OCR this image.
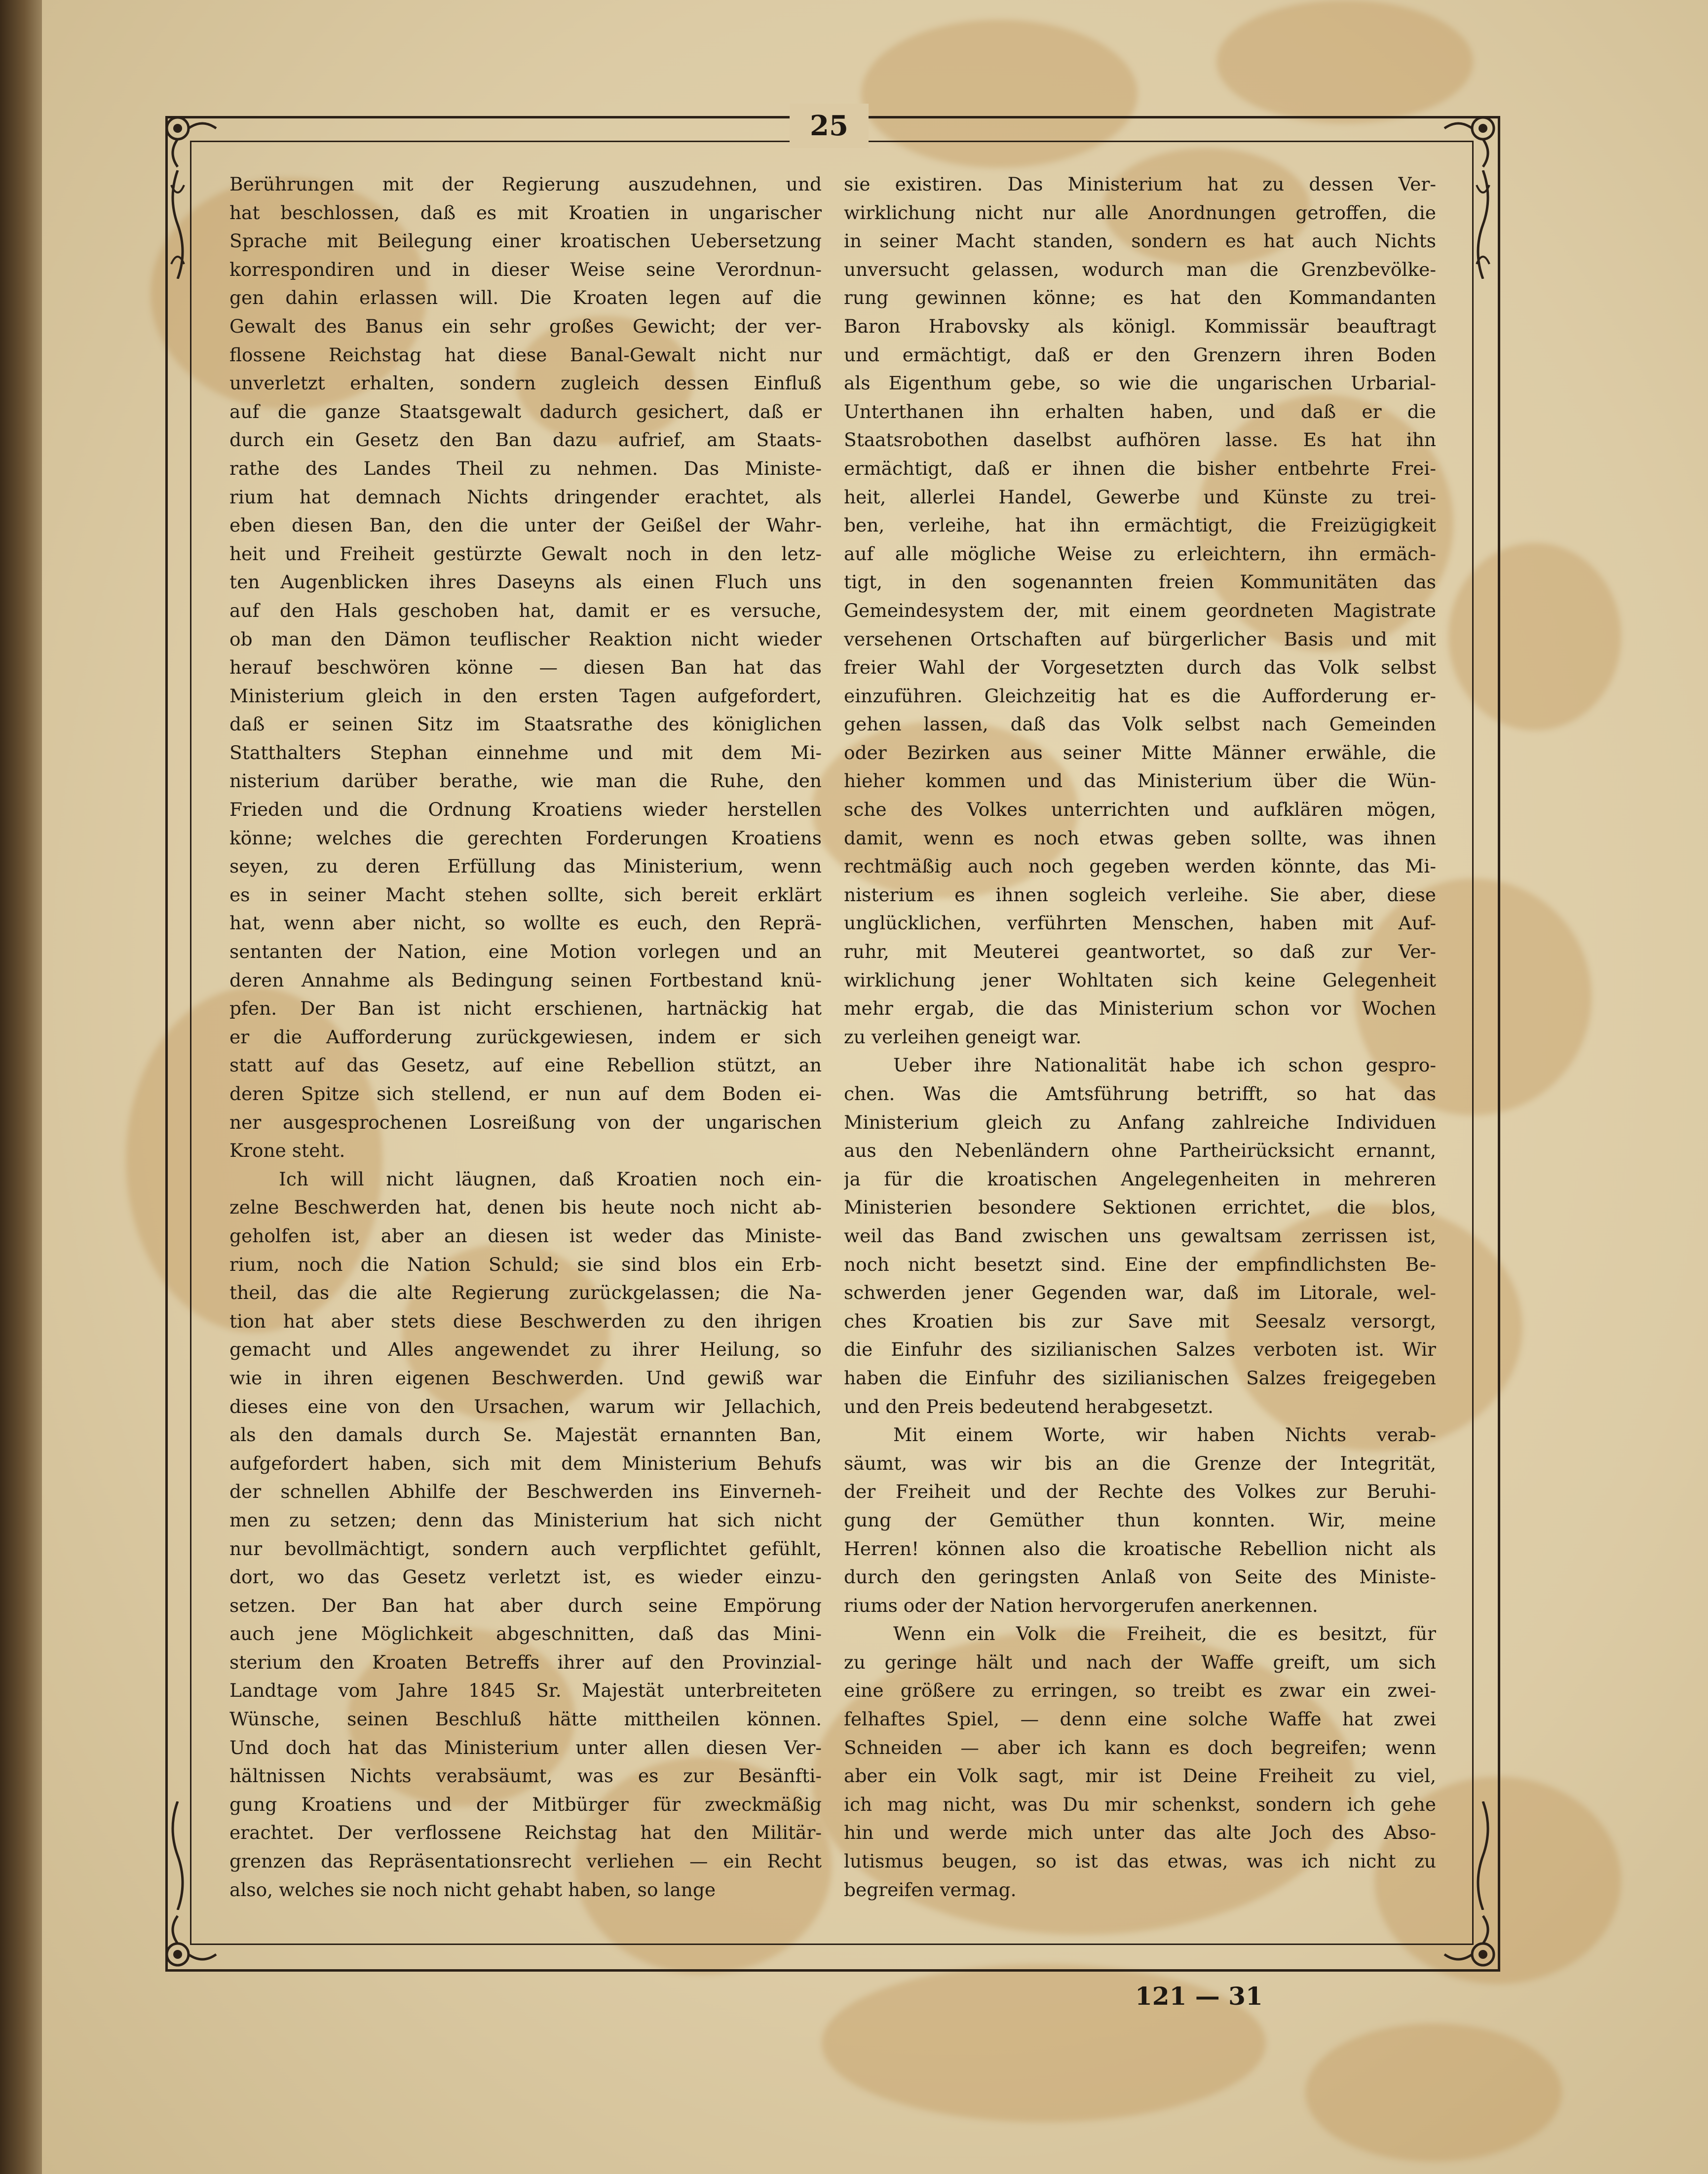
25
Berührungen mit der Regierung auszudehnen, und
hat beschlossen, daß es mit Kroatien in ungarischer
Sprache mit Beilegung einer kroatischen Uebersetzung
korrespondiren und in dieser Weise seine Verordnun-
gen dahin erlassen will. Die Kroaten legen auf die
Gewalt des Banus ein sehr großes Gewicht; der ver-
flossene Reichstag hat diese Banal-Gewalt nicht nur
unverletzt erhalten, sondern zugleich dessen Einfluß
auf die ganze Staatsgewalt dadurch gesichert, daß er
durch ein Gesetz den Ban dazu aufrief, am Staats-
rathe des Landes Theil zu nehmen. Das Ministe-
rium hat demnach Nichts dringender erachtet, als
eben diesen Ban, den die unter der Geißel der Wahr-
heit und Freiheit gestürzte Gewalt noch in den letz-
ten Augenblicken ihres Daseyns als einen Fluch uns
auf den Hals geschoben hat, damit er es versuche,
ob man den Dämon teuflischer Reaktion nicht wieder
herauf beschwören könne — diesen Ban hat das
Ministerium gleich in den ersten Tagen aufgefordert,
daß er seinen Sitz im Staatsrathe des königlichen
Statthalters Stephan einnehme und mit dem Mi-
nisterium darüber berathe, wie man die Ruhe, den
Frieden und die Ordnung Kroatiens wieder herstellen
könne; welches die gerechten Forderungen Kroatiens
seyen, zu deren Erfüllung das Ministerium, wenn
es in seiner Macht stehen sollte, sich bereit erklärt
hat, wenn aber nicht, so wollte es euch, den Reprä-
sentanten der Nation, eine Motion vorlegen und an
deren Annahme als Bedingung seinen Fortbestand knü-
pfen. Der Ban ist nicht erschienen, hartnäckig hat
er die Aufforderung zurückgewiesen, indem er sich
statt auf das Gesetz, auf eine Rebellion stützt, an
deren Spitze sich stellend, er nun auf dem Boden ei-
ner ausgesprochenen Losreißung von der ungarischen
Krone steht.
Ich will nicht läugnen, daß Kroatien noch ein-
zelne Beschwerden hat, denen bis heute noch nicht ab-
geholfen ist, aber an diesen ist weder das Ministe-
rium, noch die Nation Schuld; sie sind blos ein Erb-
theil, das die alte Regierung zurückgelassen; die Na-
tion hat aber stets diese Beschwerden zu den ihrigen
gemacht und Alles angewendet zu ihrer Heilung, so
wie in ihren eigenen Beschwerden. Und gewiß war
dieses eine von den Ursachen, warum wir Jellachich,
als den damals durch Se. Majestät ernannten Ban,
aufgefordert haben, sich mit dem Ministerium Behufs
der schnellen Abhilfe der Beschwerden ins Einverneh-
men zu setzen; denn das Ministerium hat sich nicht
nur bevollmächtigt, sondern auch verpflichtet gefühlt,
dort, wo das Gesetz verletzt ist, es wieder einzu-
setzen. Der Ban hat aber durch seine Empörung
auch jene Möglichkeit abgeschnitten, daß das Mini-
sterium den Kroaten Betreffs ihrer auf den Provinzial-
Landtage vom Jahre 1845 Sr. Majestät unterbreiteten
Wünsche, seinen Beschluß hätte mittheilen können.
Und doch hat das Ministerium unter allen diesen Ver-
hältnissen Nichts verabsäumt, was es zur Besänfti-
gung Kroatiens und der Mitbürger für zweckmäßig
erachtet. Der verflossene Reichstag hat den Militär-
grenzen das Repräsentationsrecht verliehen — ein Recht
also, welches sie noch nicht gehabt haben, so lange
sie existiren. Das Ministerium hat zu dessen Ver-
wirklichung nicht nur alle Anordnungen getroffen, die
in seiner Macht standen, sondern es hat auch Nichts
unversucht gelassen, wodurch man die Grenzbevölke-
rung gewinnen könne; es hat den Kommandanten
Baron Hrabovsky als königl. Kommissär beauftragt
und ermächtigt, daß er den Grenzern ihren Boden
als Eigenthum gebe, so wie die ungarischen Urbarial-
Unterthanen ihn erhalten haben, und daß er die
Staatsrobothen daselbst aufhören lasse. Es hat ihn
ermächtigt, daß er ihnen die bisher entbehrte Frei-
heit, allerlei Handel, Gewerbe und Künste zu trei-
ben, verleihe, hat ihn ermächtigt, die Freizügigkeit
auf alle mögliche Weise zu erleichtern, ihn ermäch-
tigt, in den sogenannten freien Kommunitäten das
Gemeindesystem der, mit einem geordneten Magistrate
versehenen Ortschaften auf bürgerlicher Basis und mit
freier Wahl der Vorgesetzten durch das Volk selbst
einzuführen. Gleichzeitig hat es die Aufforderung er-
gehen lassen, daß das Volk selbst nach Gemeinden
oder Bezirken aus seiner Mitte Männer erwähle, die
hieher kommen und das Ministerium über die Wün-
sche des Volkes unterrichten und aufklären mögen,
damit, wenn es noch etwas geben sollte, was ihnen
rechtmäßig auch noch gegeben werden könnte, das Mi-
nisterium es ihnen sogleich verleihe. Sie aber, diese
unglücklichen, verführten Menschen, haben mit Auf-
ruhr, mit Meuterei geantwortet, so daß zur Ver-
wirklichung jener Wohltaten sich keine Gelegenheit
mehr ergab, die das Ministerium schon vor Wochen
zu verleihen geneigt war.
Ueber ihre Nationalität habe ich schon gespro-
chen. Was die Amtsführung betrifft, so hat das
Ministerium gleich zu Anfang zahlreiche Individuen
aus den Nebenländern ohne Partheirücksicht ernannt,
ja für die kroatischen Angelegenheiten in mehreren
Ministerien besondere Sektionen errichtet, die blos,
weil das Band zwischen uns gewaltsam zerrissen ist,
noch nicht besetzt sind. Eine der empfindlichsten Be-
schwerden jener Gegenden war, daß im Litorale, wel-
ches Kroatien bis zur Save mit Seesalz versorgt,
die Einfuhr des sizilianischen Salzes verboten ist. Wir
haben die Einfuhr des sizilianischen Salzes freigegeben
und den Preis bedeutend herabgesetzt.
Mit einem Worte, wir haben Nichts verab-
säumt, was wir bis an die Grenze der Integrität,
der Freiheit und der Rechte des Volkes zur Beruhi-
gung der Gemüther thun konnten. Wir, meine
Herren! können also die kroatische Rebellion nicht als
durch den geringsten Anlaß von Seite des Ministe-
riums oder der Nation hervorgerufen anerkennen.
Wenn ein Volk die Freiheit, die es besitzt, für
zu geringe hält und nach der Waffe greift, um sich
eine größere zu erringen, so treibt es zwar ein zwei-
felhaftes Spiel, — denn eine solche Waffe hat zwei
Schneiden — aber ich kann es doch begreifen; wenn
aber ein Volk sagt, mir ist Deine Freiheit zu viel,
ich mag nicht, was Du mir schenkst, sondern ich gehe
hin und werde mich unter das alte Joch des Abso-
lutismus beugen, so ist das etwas, was ich nicht zu
begreifen vermag.
121 — 31
